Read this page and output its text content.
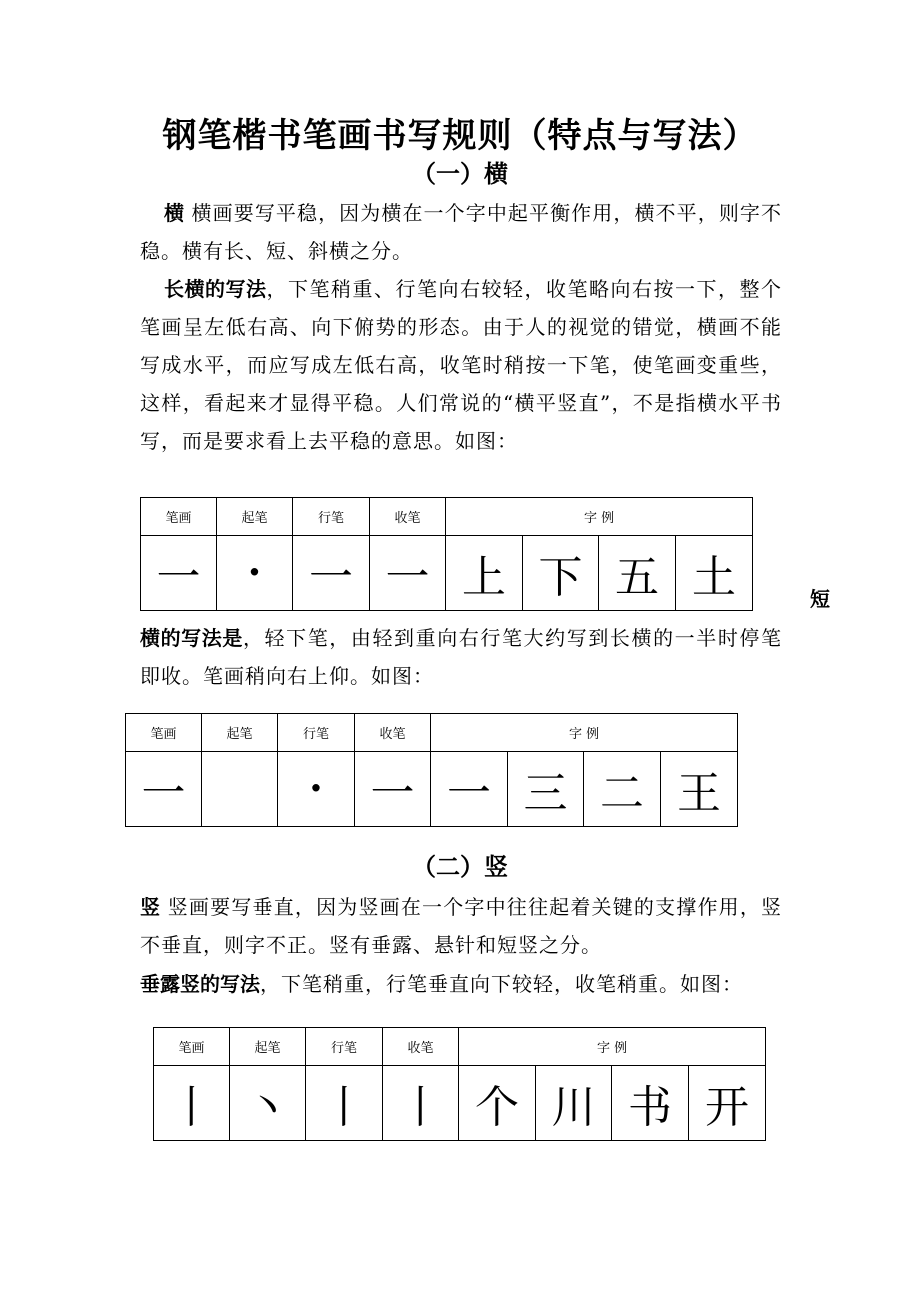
钢笔楷书笔画书写规则（特点与写法）
（一）横
横 横画要写平稳，因为横在一个字中起平衡作用，横不平，则字不稳。横有长、短、斜横之分。
长横的写法，下笔稍重、行笔向右较轻，收笔略向右按一下，整个笔画呈左低右高、向下俯势的形态。由于人的视觉的错觉，横画不能写成水平，而应写成左低右高，收笔时稍按一下笔，使笔画变重些，这样，看起来才显得平稳。人们常说的“横平竖直”，不是指横水平书写，而是要求看上去平稳的意思。如图：
笔画	起笔	行笔	收笔	字 例			
一	·	一	一	上	下	五	土	短
横的写法是，轻下笔，由轻到重向右行笔大约写到长横的一半时停笔即收。笔画稍向右上仰。如图：
笔画	起笔	行笔	收笔	字 例			
一		·	一	一	三	二	王
（二）竖
竖 竖画要写垂直，因为竖画在一个字中往往起着关键的支撑作用，竖不垂直，则字不正。竖有垂露、悬针和短竖之分。
垂露竖的写法，下笔稍重，行笔垂直向下较轻，收笔稍重。如图：
笔画	起笔	行笔	收笔	字 例			
丨	丶	丨	丨	个	川	书	开
